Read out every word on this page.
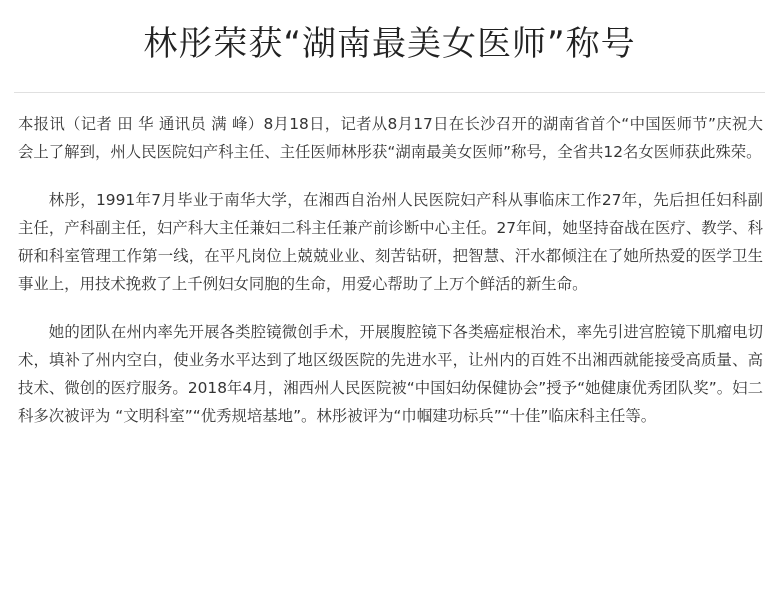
林彤荣获“湖南最美女医师”称号

本报讯（记者 田 华 通讯员 满 峰）8月18日，记者从8月17日在长沙召开的湖南省首个“中国医师节”庆祝大会上了解到，州人民医院妇产科主任、主任医师林彤获“湖南最美女医师”称号，全省共12名女医师获此殊荣。

林彤，1991年7月毕业于南华大学，在湘西自治州人民医院妇产科从事临床工作27年，先后担任妇科副主任，产科副主任，妇产科大主任兼妇二科主任兼产前诊断中心主任。27年间，她坚持奋战在医疗、教学、科研和科室管理工作第一线，在平凡岗位上兢兢业业、刻苦钻研，把智慧、汗水都倾注在了她所热爱的医学卫生事业上，用技术挽救了上千例妇女同胞的生命，用爱心帮助了上万个鲜活的新生命。

她的团队在州内率先开展各类腔镜微创手术，开展腹腔镜下各类癌症根治术，率先引进宫腔镜下肌瘤电切术，填补了州内空白，使业务水平达到了地区级医院的先进水平，让州内的百姓不出湘西就能接受高质量、高技术、微创的医疗服务。2018年4月，湘西州人民医院被“中国妇幼保健协会”授予“她健康优秀团队奖”。妇二科多次被评为 “文明科室”“优秀规培基地”。林彤被评为“巾帼建功标兵”“十佳”临床科主任等。
